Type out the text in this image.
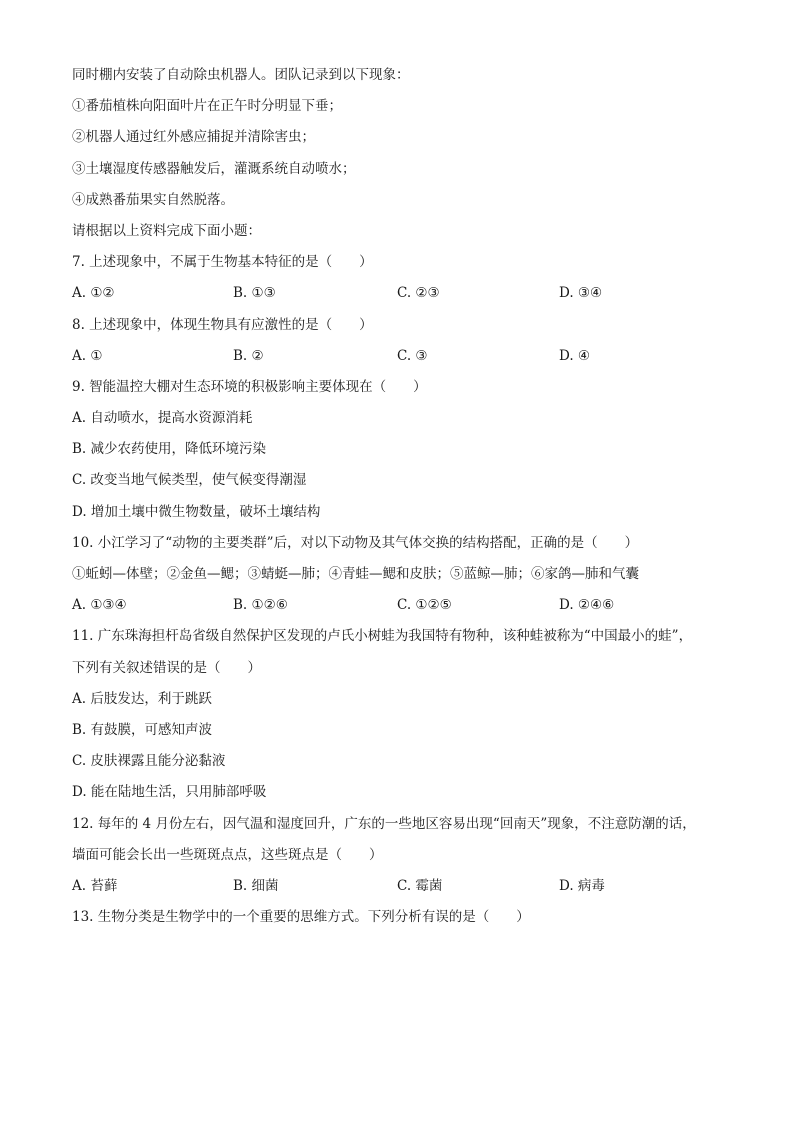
同时棚内安装了自动除虫机器人。团队记录到以下现象：
①番茄植株向阳面叶片在正午时分明显下垂；
②机器人通过红外感应捕捉并清除害虫；
③土壤湿度传感器触发后，灌溉系统自动喷水；
④成熟番茄果实自然脱落。
请根据以上资料完成下面小题：
7. 上述现象中，不属于生物基本特征的是（　　）
A. ①②	B. ①③	C. ②③	D. ③④
8. 上述现象中，体现生物具有应激性的是（　　）
A. ①	B. ②	C. ③	D. ④
9. 智能温控大棚对生态环境的积极影响主要体现在（　　）
A. 自动喷水，提高水资源消耗
B. 减少农药使用，降低环境污染
C. 改变当地气候类型，使气候变得潮湿
D. 增加土壤中微生物数量，破坏土壤结构
10. 小江学习了“动物的主要类群”后，对以下动物及其气体交换的结构搭配，正确的是（　　）
①蚯蚓—体壁；②金鱼—鳃；③蜻蜓—肺；④青蛙—鳃和皮肤；⑤蓝鲸—肺；⑥家鸽—肺和气囊
A. ①③④	B. ①②⑥	C. ①②⑤	D. ②④⑥
11. 广东珠海担杆岛省级自然保护区发现的卢氏小树蛙为我国特有物种，该种蛙被称为“中国最小的蛙”，
下列有关叙述错误的是（　　）
A. 后肢发达，利于跳跃
B. 有鼓膜，可感知声波
C. 皮肤裸露且能分泌黏液
D. 能在陆地生活，只用肺部呼吸
12. 每年的 4 月份左右，因气温和湿度回升，广东的一些地区容易出现“回南天”现象，不注意防潮的话，
墙面可能会长出一些斑斑点点，这些斑点是（　　）
A. 苔藓	B. 细菌	C. 霉菌	D. 病毒
13. 生物分类是生物学中的一个重要的思维方式。下列分析有误的是（　　）
